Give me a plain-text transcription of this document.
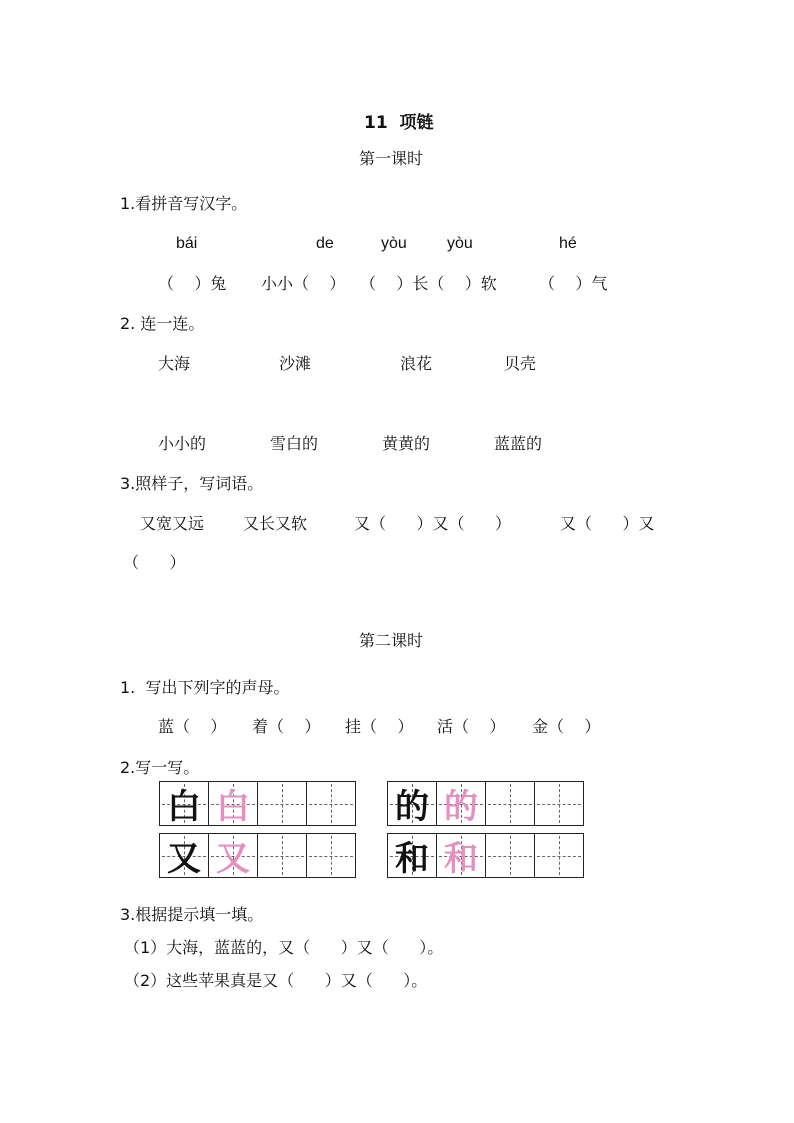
11  项链
第一课时
1.看拼音写汉字。
bái	de	yòu	yòu	hé
（    ）兔 小小（    ） （    ）长（    ）软	（    ）气
2. 连一连。
大海	沙滩	浪花	贝壳
小小的	雪白的	黄黄的	蓝蓝的
3.照样子，写词语。
又宽又远 又长又软	又（      ）又（      ）	又（      ）又
（      ）
第二课时
1.  写出下列字的声母。
蓝（    ） 着（    ） 挂（    ） 活（    ） 金（    ）
2.写一写。
白 白	的 的
又 又	和 和
3.根据提示填一填。
（1）大海，蓝蓝的，又（      ）又（      ）。
（2）这些苹果真是又（      ）又（      ）。
